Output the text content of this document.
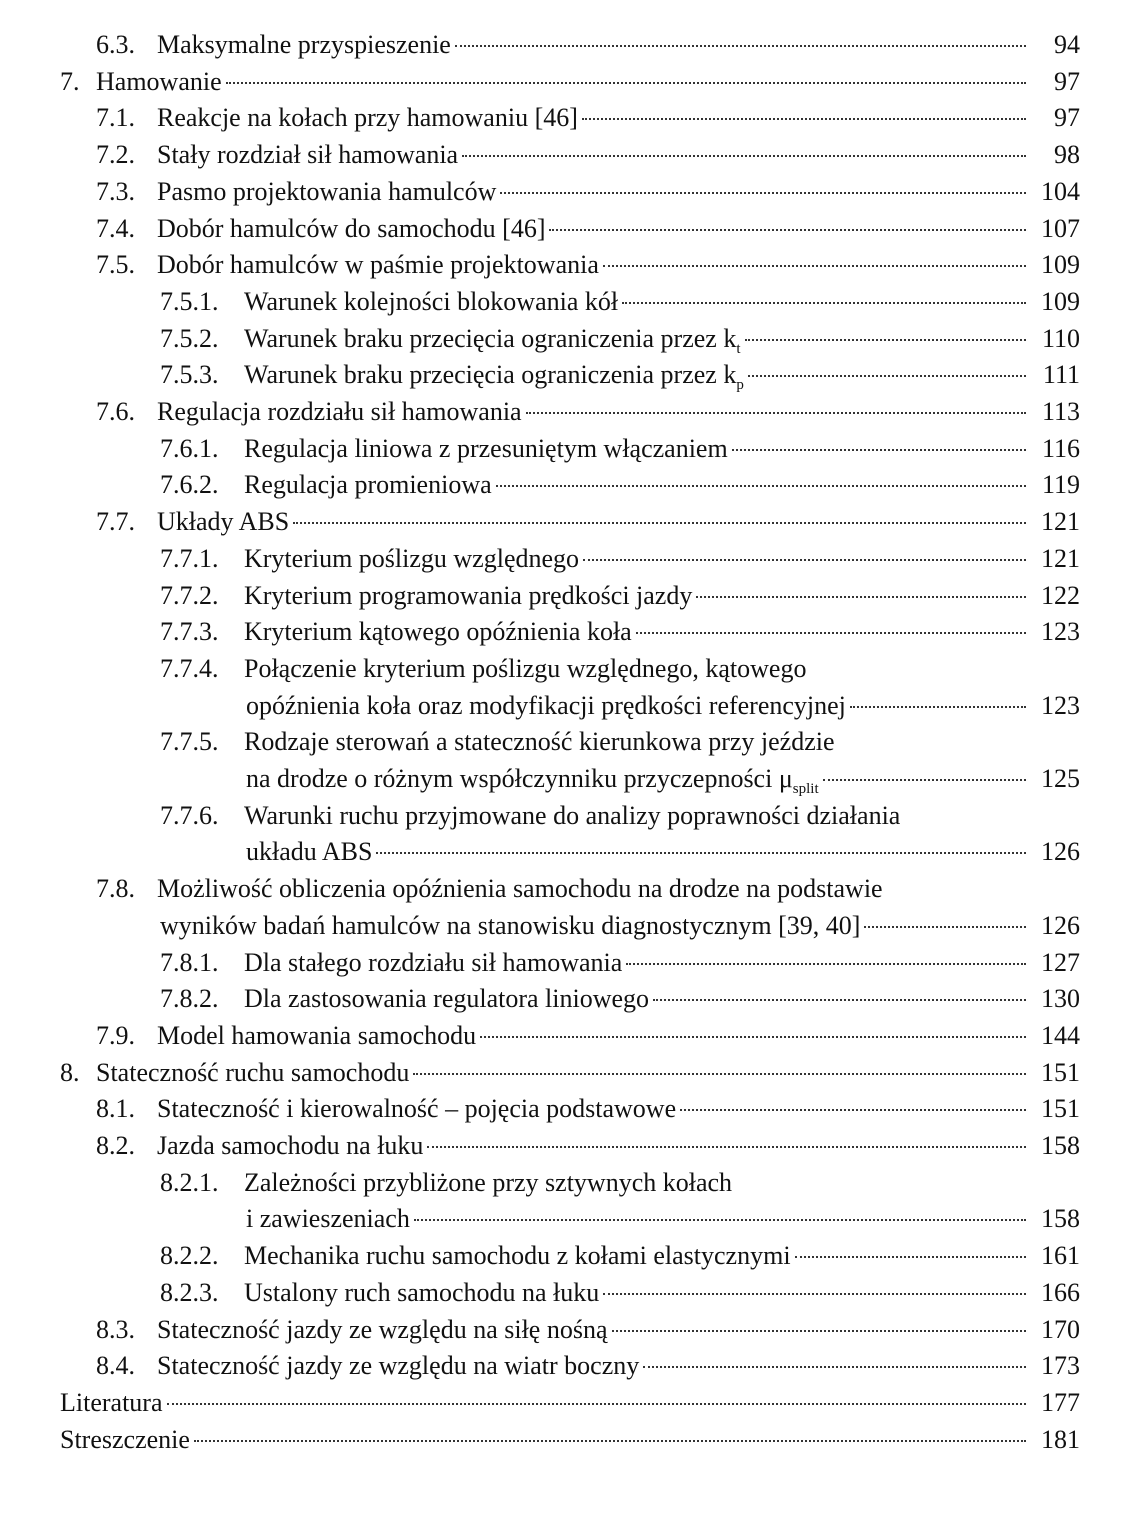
6.3. Maksymalne przyspieszenie	94
7. Hamowanie	97
7.1. Reakcje na kołach przy hamowaniu [46]	97
7.2. Stały rozdział sił hamowania	98
7.3. Pasmo projektowania hamulców	104
7.4. Dobór hamulców do samochodu [46]	107
7.5. Dobór hamulców w paśmie projektowania	109
7.5.1. Warunek kolejności blokowania kół	109
7.5.2. Warunek braku przecięcia ograniczenia przez $k_t$	110
7.5.3. Warunek braku przecięcia ograniczenia przez $k_p$	111
7.6. Regulacja rozdziału sił hamowania	113
7.6.1. Regulacja liniowa z przesuniętym włączaniem	116
7.6.2. Regulacja promieniowa	119
7.7. Układy ABS	121
7.7.1. Kryterium poślizgu względnego	121
7.7.2. Kryterium programowania prędkości jazdy	122
7.7.3. Kryterium kątowego opóźnienia koła	123
7.7.4. Połączenie kryterium poślizgu względnego, kątowego
opóźnienia koła oraz modyfikacji prędkości referencyjnej	123
7.7.5. Rodzaje sterowań a stateczność kierunkowa przy jeździe
na drodze o różnym współczynniku przyczepności $\mu_{split}$	125
7.7.6. Warunki ruchu przyjmowane do analizy poprawności działania
układu ABS	126
7.8. Możliwość obliczenia opóźnienia samochodu na drodze na podstawie
wyników badań hamulców na stanowisku diagnostycznym [39, 40]	126
7.8.1. Dla stałego rozdziału sił hamowania	127
7.8.2. Dla zastosowania regulatora liniowego	130
7.9. Model hamowania samochodu	144
8. Stateczność ruchu samochodu	151
8.1. Stateczność i kierowalność – pojęcia podstawowe	151
8.2. Jazda samochodu na łuku	158
8.2.1. Zależności przybliżone przy sztywnych kołach
i zawieszeniach	158
8.2.2. Mechanika ruchu samochodu z kołami elastycznymi	161
8.2.3. Ustalony ruch samochodu na łuku	166
8.3. Stateczność jazdy ze względu na siłę nośną	170
8.4. Stateczność jazdy ze względu na wiatr boczny	173
Literatura	177
Streszczenie	181
